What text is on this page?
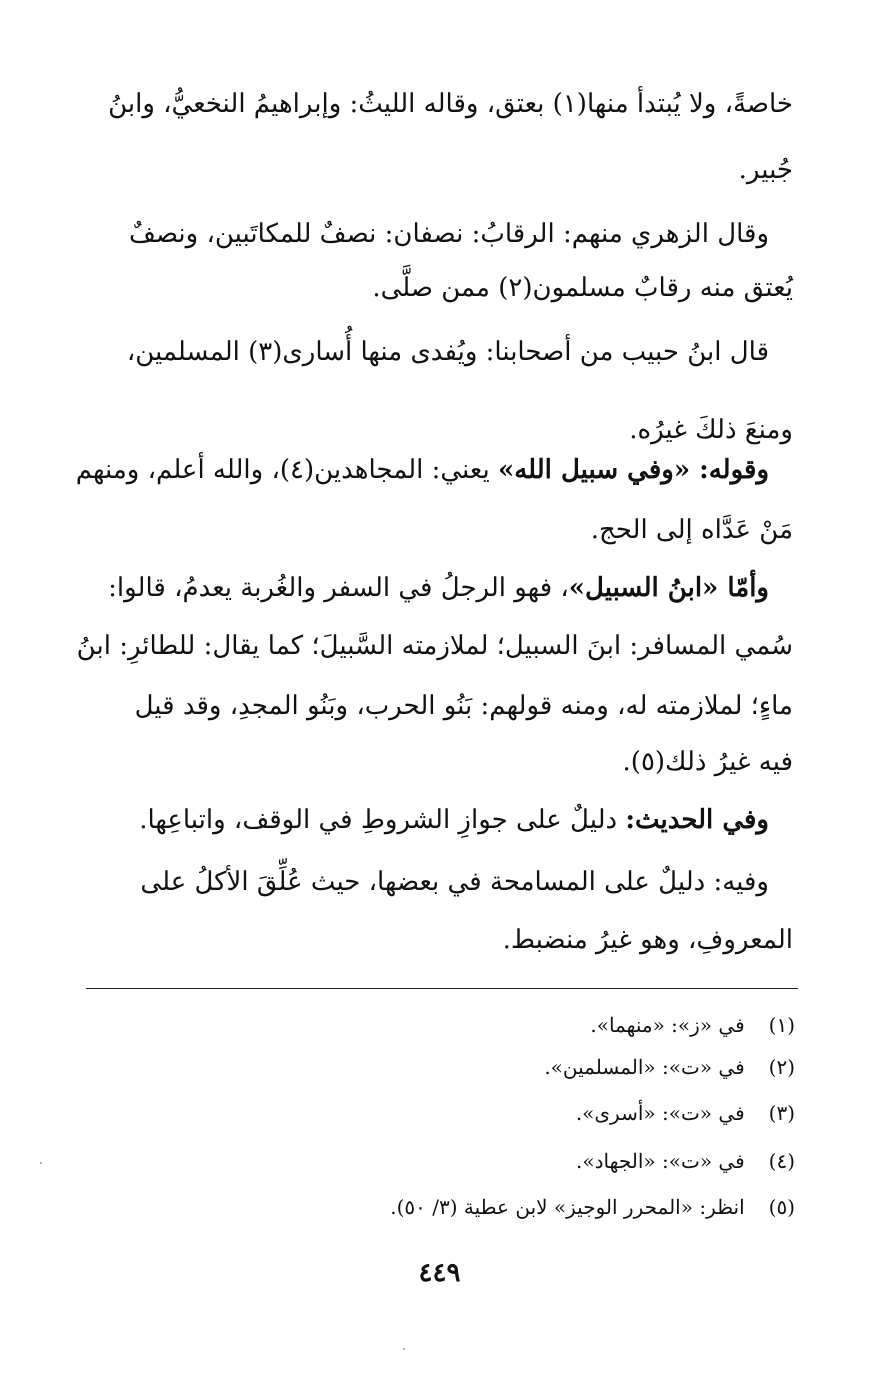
خاصةً، ولا يُبتدأ منها(١) بعتق، وقاله الليثُ: وإبراهيمُ النخعيُّ، وابنُ
جُبير.
وقال الزهري منهم: الرقابُ: نصفان: نصفٌ للمكاتَبين، ونصفٌ
يُعتق منه رقابٌ مسلمون(٢) ممن صلَّى.
قال ابنُ حبيب من أصحابنا: ويُفدى منها أُسارى(٣) المسلمين،
ومنعَ ذلكَ غيرُه.
وقوله: «وفي سبيل الله» يعني: المجاهدين(٤)، والله أعلم، ومنهم
مَنْ عَدَّاه إلى الحج.
وأمّا «ابنُ السبيل»، فهو الرجلُ في السفر والغُربة يعدمُ، قالوا:
سُمي المسافر: ابنَ السبيل؛ لملازمته السَّبيلَ؛ كما يقال: للطائرِ: ابنُ
ماءٍ؛ لملازمته له، ومنه قولهم: بَنُو الحرب، وبَنُو المجدِ، وقد قيل
فيه غيرُ ذلك(٥).
وفي الحديث: دليلٌ على جوازِ الشروطِ في الوقف، واتباعِها.
وفيه: دليلٌ على المسامحة في بعضها، حيث عُلِّقَ الأكلُ على
المعروفِ، وهو غيرُ منضبط.
(١) في «ز»: «منهما».
(٢) في «ت»: «المسلمين».
(٣) في «ت»: «أسرى».
(٤) في «ت»: «الجهاد».
(٥) انظر: «المحرر الوجيز» لابن عطية (٣/ ٥٠).
٤٤٩
